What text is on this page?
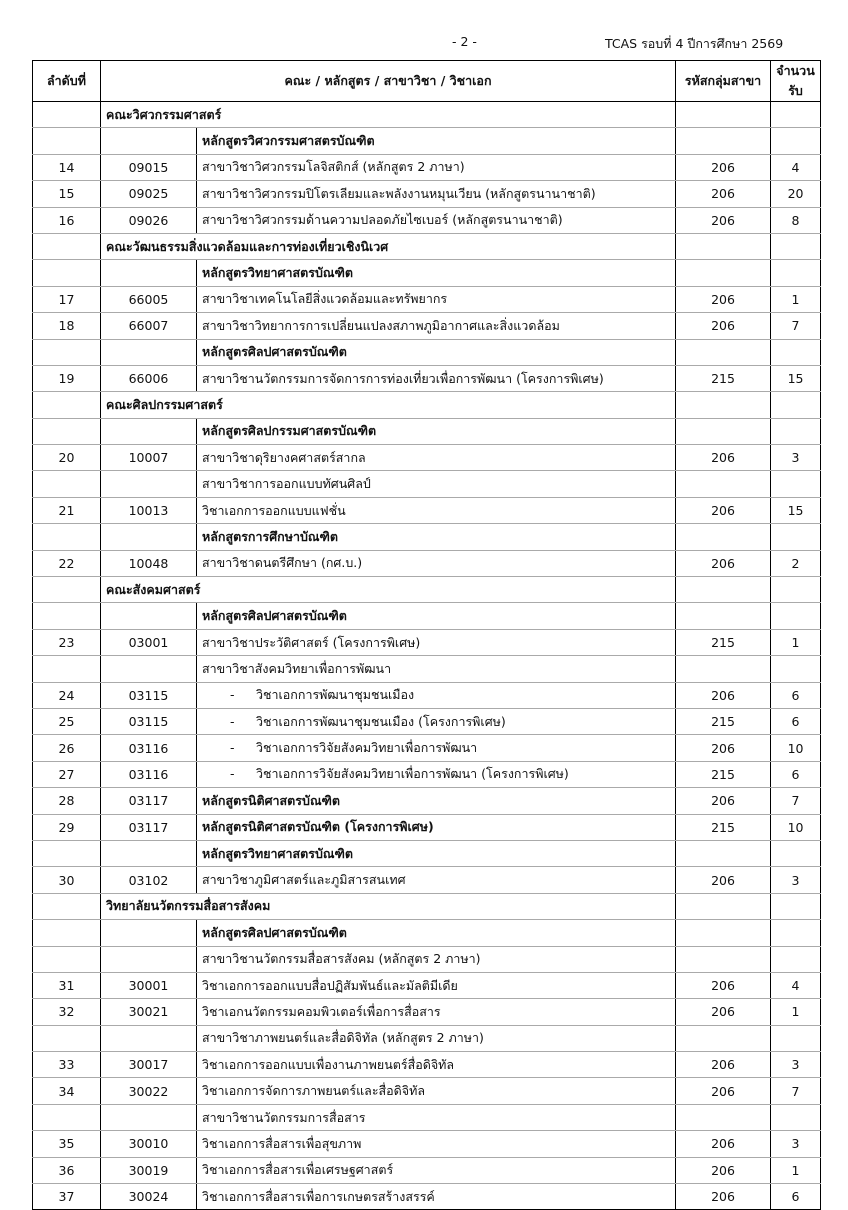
- 2 -	TCAS รอบที่ 4 ปีการศึกษา 2569
ลำดับที่	คณะ / หลักสูตร / สาขาวิชา / วิชาเอก		รหัสกลุ่มสาขา	จำนวนรับ
	คณะวิศวกรรมศาสตร์			
		หลักสูตรวิศวกรรมศาสตรบัณฑิต		
14	09015	สาขาวิชาวิศวกรรมโลจิสติกส์ (หลักสูตร 2 ภาษา)	206	4
15	09025	สาขาวิชาวิศวกรรมปิโตรเลียมและพลังงานหมุนเวียน (หลักสูตรนานาชาติ)	206	20
16	09026	สาขาวิชาวิศวกรรมด้านความปลอดภัยไซเบอร์ (หลักสูตรนานาชาติ)	206	8
	คณะวัฒนธรรมสิ่งแวดล้อมและการท่องเที่ยวเชิงนิเวศ			
		หลักสูตรวิทยาศาสตรบัณฑิต		
17	66005	สาขาวิชาเทคโนโลยีสิ่งแวดล้อมและทรัพยากร	206	1
18	66007	สาขาวิชาวิทยาการการเปลี่ยนแปลงสภาพภูมิอากาศและสิ่งแวดล้อม	206	7
		หลักสูตรศิลปศาสตรบัณฑิต		
19	66006	สาขาวิชานวัตกรรมการจัดการการท่องเที่ยวเพื่อการพัฒนา (โครงการพิเศษ)	215	15
	คณะศิลปกรรมศาสตร์			
		หลักสูตรศิลปกรรมศาสตรบัณฑิต		
20	10007	สาขาวิชาดุริยางคศาสตร์สากล	206	3
		สาขาวิชาการออกแบบทัศนศิลป์		
21	10013	วิชาเอกการออกแบบแฟชั่น	206	15
		หลักสูตรการศึกษาบัณฑิต		
22	10048	สาขาวิชาดนตรีศึกษา (กศ.บ.)	206	2
	คณะสังคมศาสตร์			
		หลักสูตรศิลปศาสตรบัณฑิต		
23	03001	สาขาวิชาประวัติศาสตร์ (โครงการพิเศษ)	215	1
		สาขาวิชาสังคมวิทยาเพื่อการพัฒนา		
24	03115	- วิชาเอกการพัฒนาชุมชนเมือง	206	6
25	03115	- วิชาเอกการพัฒนาชุมชนเมือง (โครงการพิเศษ)	215	6
26	03116	- วิชาเอกการวิจัยสังคมวิทยาเพื่อการพัฒนา	206	10
27	03116	- วิชาเอกการวิจัยสังคมวิทยาเพื่อการพัฒนา (โครงการพิเศษ)	215	6
28	03117	หลักสูตรนิติศาสตรบัณฑิต	206	7
29	03117	หลักสูตรนิติศาสตรบัณฑิต (โครงการพิเศษ)	215	10
		หลักสูตรวิทยาศาสตรบัณฑิต		
30	03102	สาขาวิชาภูมิศาสตร์และภูมิสารสนเทศ	206	3
	วิทยาลัยนวัตกรรมสื่อสารสังคม			
		หลักสูตรศิลปศาสตรบัณฑิต		
		สาขาวิชานวัตกรรมสื่อสารสังคม (หลักสูตร 2 ภาษา)		
31	30001	วิชาเอกการออกแบบสื่อปฏิสัมพันธ์และมัลติมีเดีย	206	4
32	30021	วิชาเอกนวัตกรรมคอมพิวเตอร์เพื่อการสื่อสาร	206	1
		สาขาวิชาภาพยนตร์และสื่อดิจิทัล (หลักสูตร 2 ภาษา)		
33	30017	วิชาเอกการออกแบบเพื่องานภาพยนตร์สื่อดิจิทัล	206	3
34	30022	วิชาเอกการจัดการภาพยนตร์และสื่อดิจิทัล	206	7
		สาขาวิชานวัตกรรมการสื่อสาร		
35	30010	วิชาเอกการสื่อสารเพื่อสุขภาพ	206	3
36	30019	วิชาเอกการสื่อสารเพื่อเศรษฐศาสตร์	206	1
37	30024	วิชาเอกการสื่อสารเพื่อการเกษตรสร้างสรรค์	206	6
